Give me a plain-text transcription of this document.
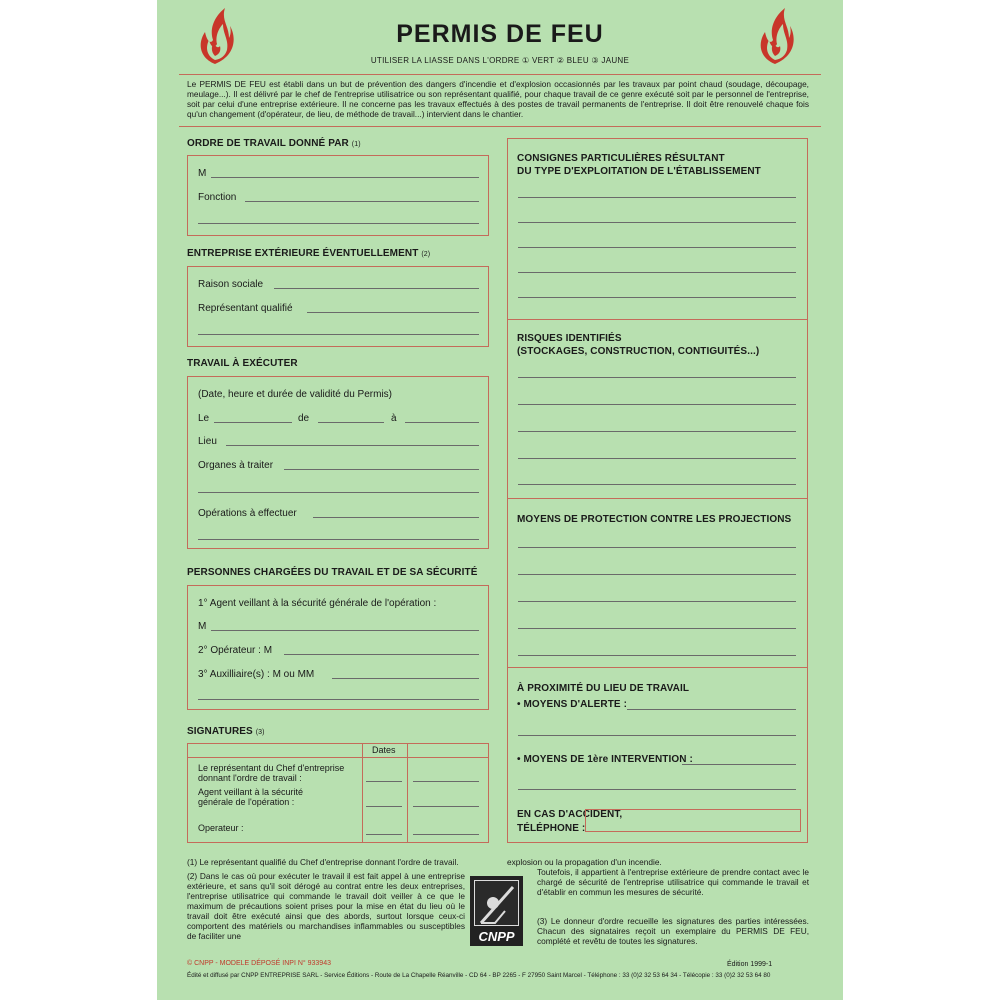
PERMIS DE FEU
UTILISER LA LIASSE DANS L'ORDRE ① VERT ② BLEU ③ JAUNE
Le PERMIS DE FEU est établi dans un but de prévention des dangers d'incendie et d'explosion occasionnés par les travaux par point chaud (soudage, découpage, meulage...). Il est délivré par le chef de l'entreprise utilisatrice ou son représentant qualifié, pour chaque travail de ce genre exécuté soit par le personnel de l'entreprise, soit par celui d'une entreprise extérieure. Il ne concerne pas les travaux effectués à des postes de travail permanents de l'entreprise. Il doit être renouvelé chaque fois qu'un changement (d'opérateur, de lieu, de méthode de travail...) intervient dans le chantier.
ORDRE DE TRAVAIL DONNÉ PAR (1)
M
Fonction
ENTREPRISE EXTÉRIEURE ÉVENTUELLEMENT (2)
Raison sociale
Représentant qualifié
TRAVAIL À EXÉCUTER
(Date, heure et durée de validité du Permis)
Le	de	à
Lieu
Organes à traiter
Opérations à effectuer
PERSONNES CHARGÉES DU TRAVAIL ET DE SA SÉCURITÉ
1° Agent veillant à la sécurité générale de l'opération :
M
2° Opérateur : M
3° Auxilliaire(s) : M ou MM
SIGNATURES (3)
Dates
Le représentant du Chef d'entreprise
donnant l'ordre de travail :
Agent veillant à la sécurité
générale de l'opération :
Operateur :
CONSIGNES PARTICULIÈRES RÉSULTANT
DU TYPE D'EXPLOITATION DE L'ÉTABLISSEMENT
RISQUES IDENTIFIÉS
(STOCKAGES, CONSTRUCTION, CONTIGUITÉS...)
MOYENS DE PROTECTION CONTRE LES PROJECTIONS
À PROXIMITÉ DU LIEU DE TRAVAIL
• MOYENS D'ALERTE :
• MOYENS DE 1ère INTERVENTION :
EN CAS D'ACCIDENT,
TÉLÉPHONE :
(1) Le représentant qualifié du Chef d'entreprise donnant l'ordre de travail.
(2) Dans le cas où pour exécuter le travail il est fait appel à une entreprise extérieure, et sans qu'il soit dérogé au contrat entre les deux entreprises, l'entreprise utilisatrice qui commande le travail doit veiller à ce que le maximum de précautions soient prises pour la mise en état du lieu où le travail doit être exécuté ainsi que des abords, surtout lorsque ceux-ci comportent des matériels ou marchandises inflammables ou susceptibles de faciliter une
explosion ou la propagation d'un incendie.
Toutefois, il appartient à l'entreprise extérieure de prendre contact avec le chargé de sécurité de l'entreprise utilisatrice qui commande le travail et d'établir en commun les mesures de sécurité.
(3) Le donneur d'ordre recueille les signatures des parties intéressées. Chacun des signataires reçoit un exemplaire du PERMIS DE FEU, complété et revêtu de toutes les signatures.
CNPP
© CNPP - MODELE DÉPOSÉ INPI N° 933943	Édition 1999-1
Édité et diffusé par CNPP ENTREPRISE SARL - Service Éditions - Route de La Chapelle Réanville - CD 64 - BP 2265 - F 27950 Saint Marcel - Téléphone : 33 (0)2 32 53 64 34 - Télécopie : 33 (0)2 32 53 64 80
